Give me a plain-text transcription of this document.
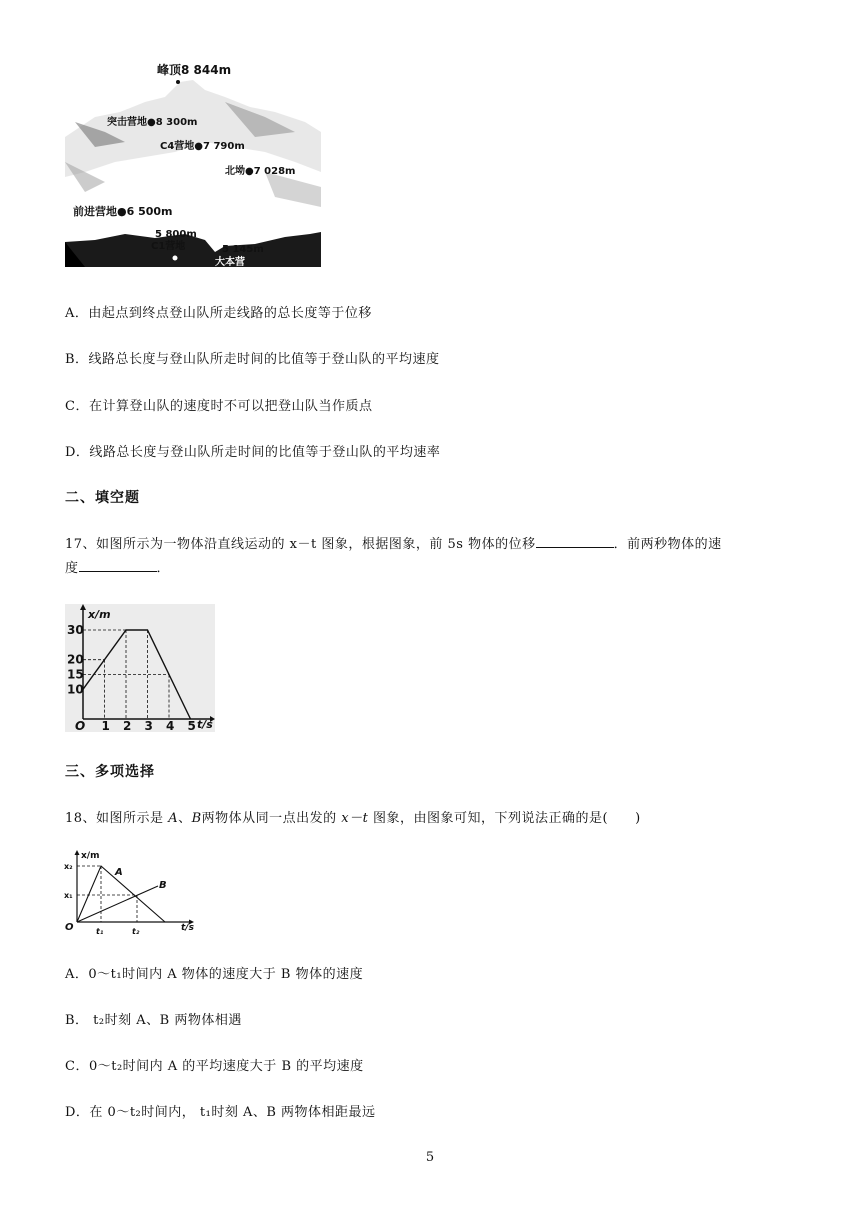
峰顶8 844m
突击营地●8 300m
C4营地●7 790m
北坳●7 028m
前进营地●6 500m
5 800m
C1营地	5 145m
大本营
A．由起点到终点登山队所走线路的总长度等于位移
B．线路总长度与登山队所走时间的比值等于登山队的平均速度
C．在计算登山队的速度时不可以把登山队当作质点
D．线路总长度与登山队所走时间的比值等于登山队的平均速率
二、填空题
17、如图所示为一物体沿直线运动的 x－t 图象，根据图象，前 5s 物体的位移	．前两秒物体的速
度	．
x/m
t/s
O
30
20
15
10
1 2 3 4 5
三、多项选择
18、如图所示是 A、B两物体从同一点出发的 x－t 图象，由图象可知，下列说法正确的是(　　)
x/m
x₂
x₁
O	t₁	t₂	t/s
A
B
A．0～t₁时间内 A 物体的速度大于 B 物体的速度
B． t₂时刻 A、B 两物体相遇
C．0～t₂时间内 A 的平均速度大于 B 的平均速度
D．在 0～t₂时间内， t₁时刻 A、B 两物体相距最远
5
